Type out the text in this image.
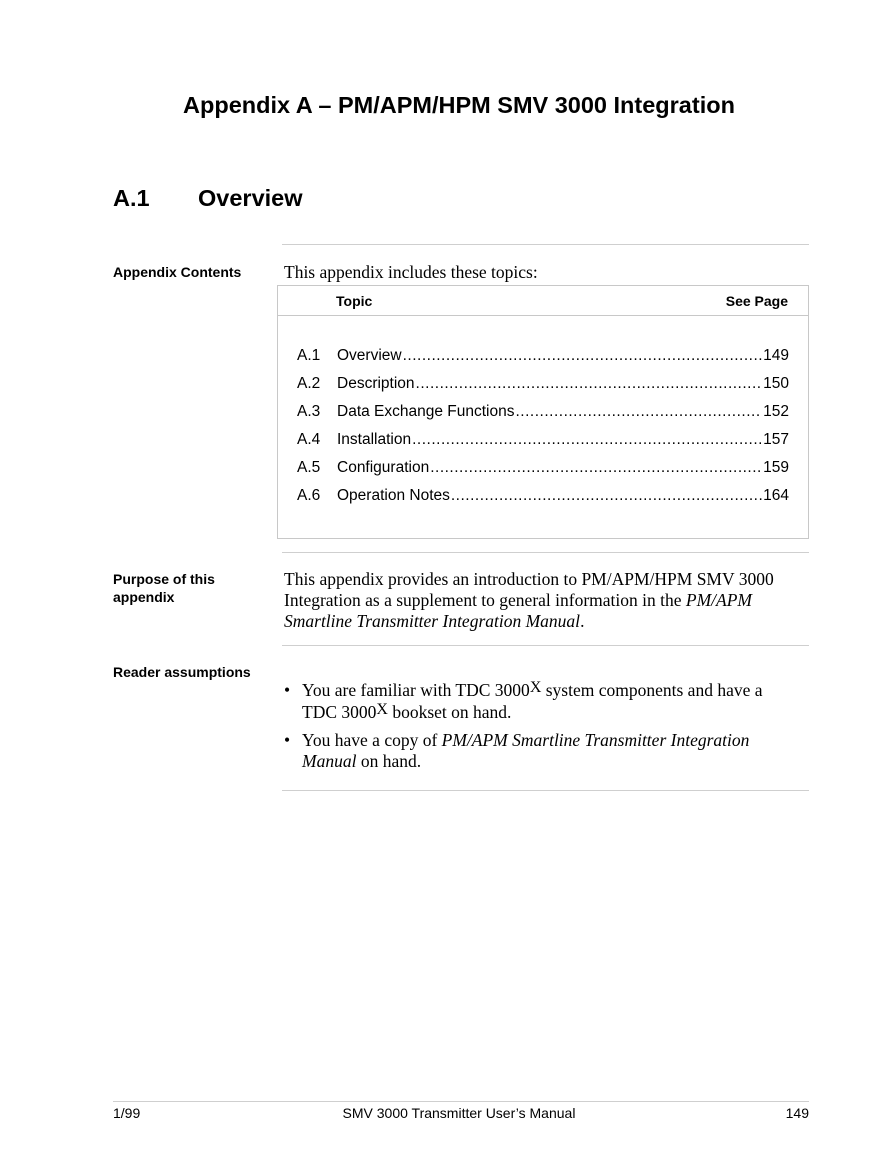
Appendix A – PM/APM/HPM SMV 3000 Integration
A.1 Overview
Appendix Contents	This appendix includes these topics:
Topic	See Page
A.1	Overview .....	149
A.2	Description .....	150
A.3	Data Exchange Functions .....	152
A.4	Installation .....	157
A.5	Configuration .....	159
A.6	Operation Notes .....	164
Purpose of this
appendix
This appendix provides an introduction to PM/APM/HPM SMV 3000 Integration as a supplement to general information in the PM/APM Smartline Transmitter Integration Manual.
Reader assumptions
• You are familiar with TDC $3000^X$ system components and have a TDC $3000^X$ bookset on hand.
• You have a copy of PM/APM Smartline Transmitter Integration Manual on hand.
1/99	SMV 3000 Transmitter User’s Manual	149
